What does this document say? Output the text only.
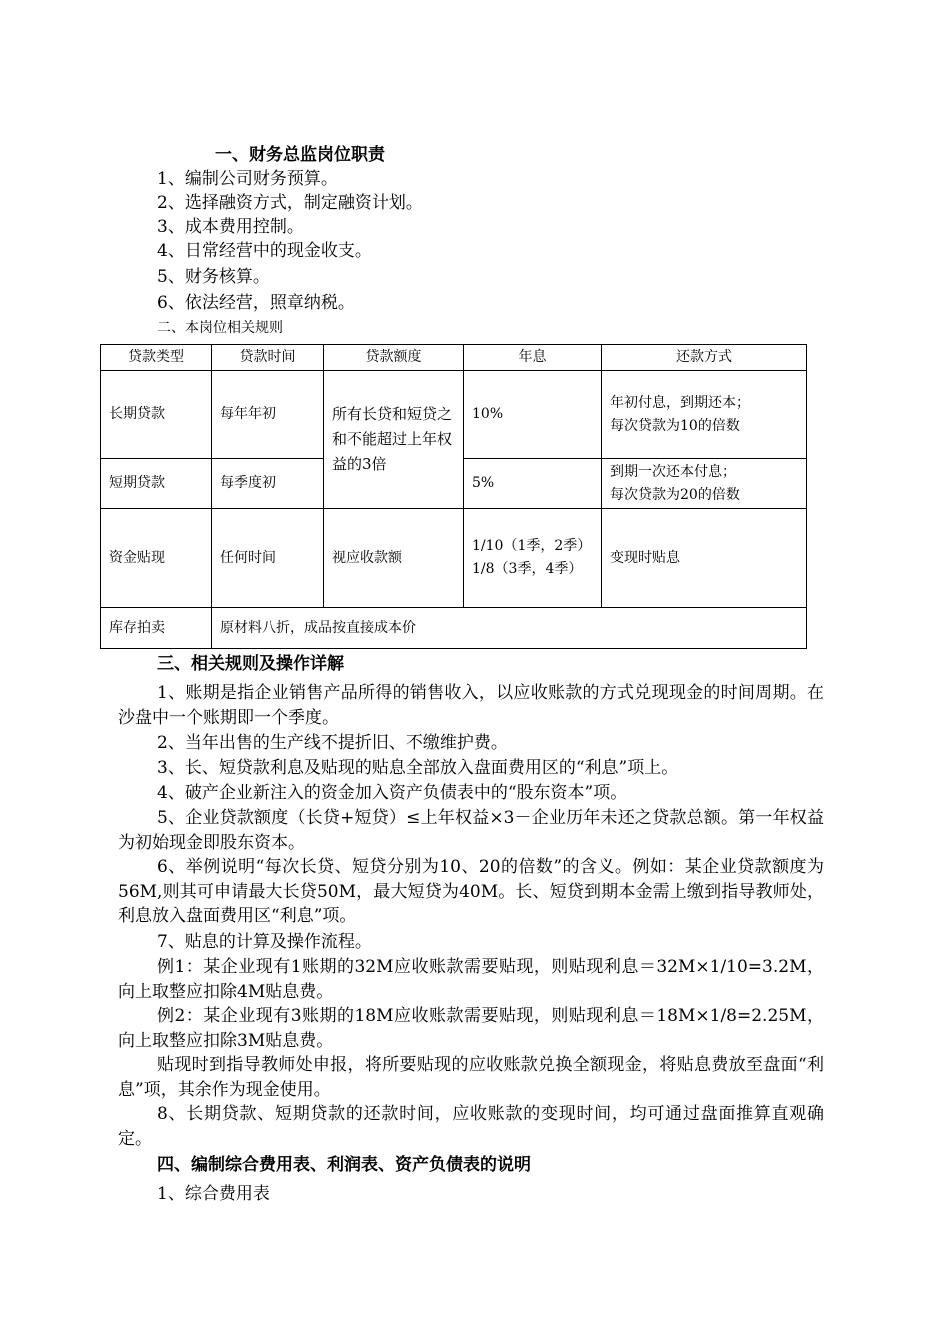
一、财务总监岗位职责
1、编制公司财务预算。
2、选择融资方式，制定融资计划。
3、成本费用控制。
4、日常经营中的现金收支。
5、财务核算。
6、依法经营，照章纳税。
二、本岗位相关规则
贷款类型	贷款时间	贷款额度	年息	还款方式
长期贷款	每年年初	所有长贷和短贷之和不能超过上年权益的3倍	10%	年初付息，到期还本；
每次贷款为10的倍数

短期贷款	每季度初		5%	到期一次还本付息；
每次贷款为20的倍数

资金贴现	任何时间	视应收款额	1/10（1季，2季）
1/8（3季，4季）	变现时贴息
库存拍卖	原材料八折，成品按直接成本价			
三、相关规则及操作详解
1、账期是指企业销售产品所得的销售收入，以应收账款的方式兑现现金的时间周期。在沙盘中一个账期即一个季度。
2、当年出售的生产线不提折旧、不缴维护费。
3、长、短贷款利息及贴现的贴息全部放入盘面费用区的“利息”项上。
4、破产企业新注入的资金加入资产负债表中的“股东资本”项。
5、企业贷款额度（长贷+短贷）≤上年权益×3－企业历年未还之贷款总额。第一年权益为初始现金即股东资本。
6、举例说明“每次长贷、短贷分别为10、20的倍数”的含义。例如：某企业贷款额度为56M,则其可申请最大长贷50M，最大短贷为40M。长、短贷到期本金需上缴到指导教师处，利息放入盘面费用区“利息”项。
7、贴息的计算及操作流程。
例1：某企业现有1账期的32M应收账款需要贴现，则贴现利息＝32M×1/10=3.2M，向上取整应扣除4M贴息费。
例2：某企业现有3账期的18M应收账款需要贴现，则贴现利息＝18M×1/8=2.25M，向上取整应扣除3M贴息费。
贴现时到指导教师处申报，将所要贴现的应收账款兑换全额现金，将贴息费放至盘面“利息”项，其余作为现金使用。
8、长期贷款、短期贷款的还款时间，应收账款的变现时间，均可通过盘面推算直观确定。
四、编制综合费用表、利润表、资产负债表的说明
1、综合费用表
